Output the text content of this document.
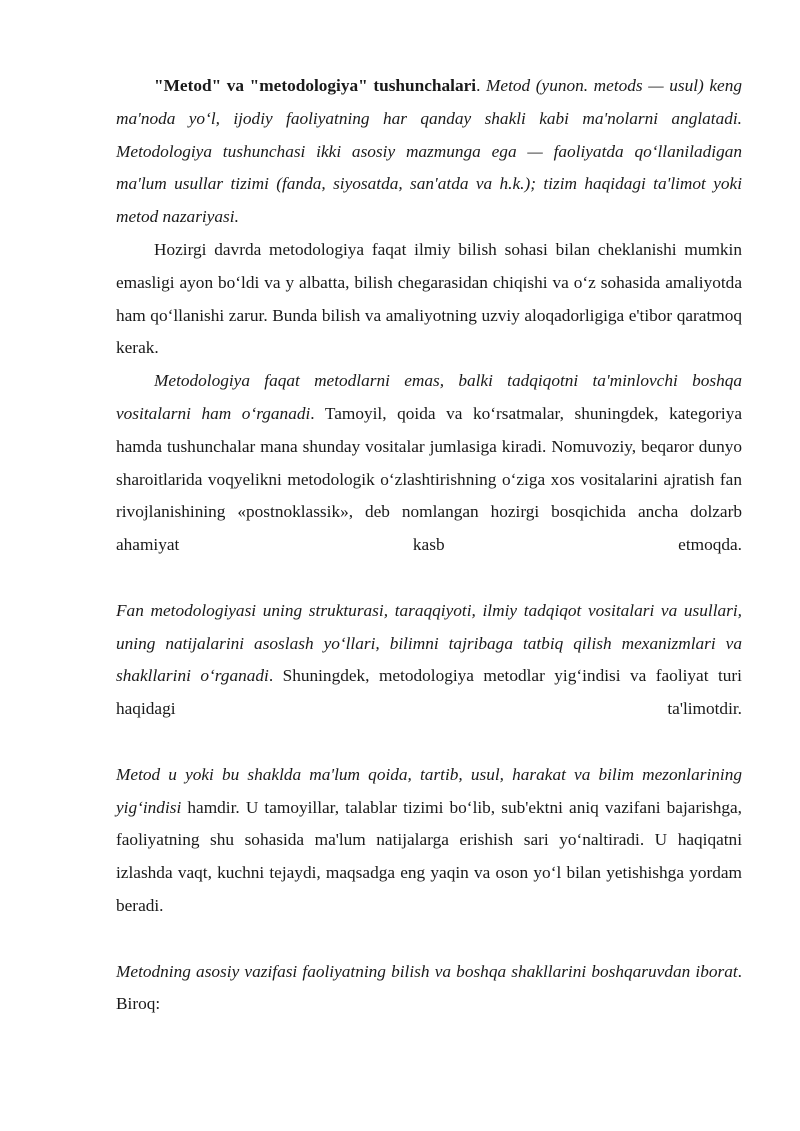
"Metod" va "metodologiya" tushunchalari. Metod (yunon. metods — usul) keng ma'noda yo‘l, ijodiy faoliyatning har qanday shakli kabi ma'nolarni anglatadi. Metodologiya tushunchasi ikki asosiy mazmunga ega — faoliyatda qo‘llaniladigan ma'lum usullar tizimi (fanda, siyosatda, san'atda va h.k.); tizim haqidagi ta'limot yoki metod nazariyasi.

Hozirgi davrda metodologiya faqat ilmiy bilish sohasi bilan cheklanishi mumkin emasligi ayon bo‘ldi va y albatta, bilish chegarasidan chiqishi va o‘z sohasida amaliyotda ham qo‘llanishi zarur. Bunda bilish va amaliyotning uzviy aloqadorligiga e'tibor qaratmoq kerak.

Metodologiya faqat metodlarni emas, balki tadqiqotni ta'minlovchi boshqa vositalarni ham o‘rganadi. Tamoyil, qoida va ko‘rsatmalar, shuningdek, kategoriya hamda tushunchalar mana shunday vositalar jumlasiga kiradi. Nomuvoziy, beqaror dunyo sharoitlarida voqyelikni metodologik o‘zlashtirishning o‘ziga xos vositalarini ajratish fan rivojlanishining «postnoklassik», deb nomlangan hozirgi bosqichida ancha dolzarb ahamiyat kasb etmoqda.

Fan metodologiyasi uning strukturasi, taraqqiyoti, ilmiy tadqiqot vositalari va usullari, uning natijalarini asoslash yo‘llari, bilimni tajribaga tatbiq qilish mexanizmlari va shakllarini o‘rganadi. Shuningdek, metodologiya metodlar yig‘indisi va faoliyat turi haqidagi ta'limotdir.

Metod u yoki bu shaklda ma'lum qoida, tartib, usul, harakat va bilim mezonlarining yig‘indisi hamdir. U tamoyillar, talablar tizimi bo‘lib, sub'ektni aniq vazifani bajarishga, faoliyatning shu sohasida ma'lum natijalarga erishish sari yo‘naltiradi. U haqiqatni izlashda vaqt, kuchni tejaydi, maqsadga eng yaqin va oson yo‘l bilan yetishishga yordam beradi.

Metodning asosiy vazifasi faoliyatning bilish va boshqa shakllarini boshqaruvdan iborat. Biroq:
